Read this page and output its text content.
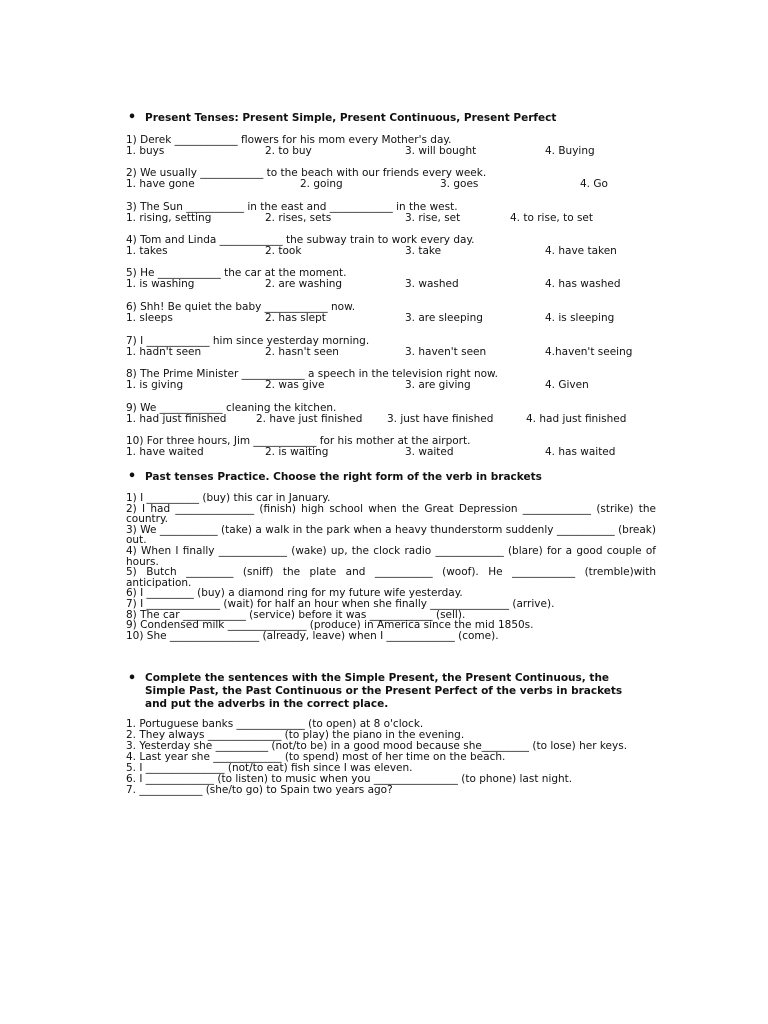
•
Present Tenses: Present Simple, Present Continuous, Present Perfect
1) Derek ____________ flowers for his mom every Mother's day.
1. buys	2. to buy	3. will bought	4. Buying
2) We usually ____________ to the beach with our friends every week.
1. have gone	2. going	3. goes	4. Go
3) The Sun ___________ in the east and ____________ in the west.
1. rising, setting	2. rises, sets	3. rise, set	4. to rise, to set
4) Tom and Linda ____________ the subway train to work every day.
1. takes	2. took	3. take	4. have taken
5) He ____________ the car at the moment.
1. is washing	2. are washing	3. washed	4. has washed
6) Shh! Be quiet the baby ____________ now.
1. sleeps	2. has slept	3. are sleeping	4. is sleeping
7) I ____________ him since yesterday morning.
1. hadn't seen	2. hasn't seen	3. haven't seen	4.haven't seeing
8) The Prime Minister ____________ a speech in the television right now.
1. is giving	2. was give	3. are giving	4. Given
9) We ____________ cleaning the kitchen.
1. had just finished	2. have just finished 3. just have finished	4. had just finished
10) For three hours, Jim ____________ for his mother at the airport.
1. have waited	2. is waiting	3. waited	4. has waited
•
Past tenses Practice. Choose the right form of the verb in brackets
1) I __________ (buy) this car in January.
2) I had _______________ (finish) high school when the Great Depression _____________ (strike) the country.
3) We ___________ (take) a walk in the park when a heavy thunderstorm suddenly ___________ (break) out.
4) When I finally _____________ (wake) up, the clock radio _____________ (blare) for a good couple of hours.
5) Butch _________ (sniff) the plate and ___________ (woof). He ____________ (tremble)with anticipation.
6) I _________ (buy) a diamond ring for my future wife yesterday.
7) I ______________ (wait) for half an hour when she finally _______________ (arrive).
8) The car ____________ (service) before it was ____________ (sell).
9) Condensed milk _______________ (produce) in America since the mid 1850s.
10) She _________________ (already, leave) when I _____________ (come).
•
Complete the sentences with the Simple Present, the Present Continuous, the
Simple Past, the Past Continuous or the Present Perfect of the verbs in brackets
and put the adverbs in the correct place.
1. Portuguese banks _____________ (to open) at 8 o'clock.
2. They always ______________ (to play) the piano in the evening.
3. Yesterday she __________ (not/to be) in a good mood because she_________ (to lose) her keys.
4. Last year she _____________ (to spend) most of her time on the beach.
5. I _______________ (not/to eat) fish since I was eleven.
6. I _____________ (to listen) to music when you ________________ (to phone) last night.
7. ____________ (she/to go) to Spain two years ago?
